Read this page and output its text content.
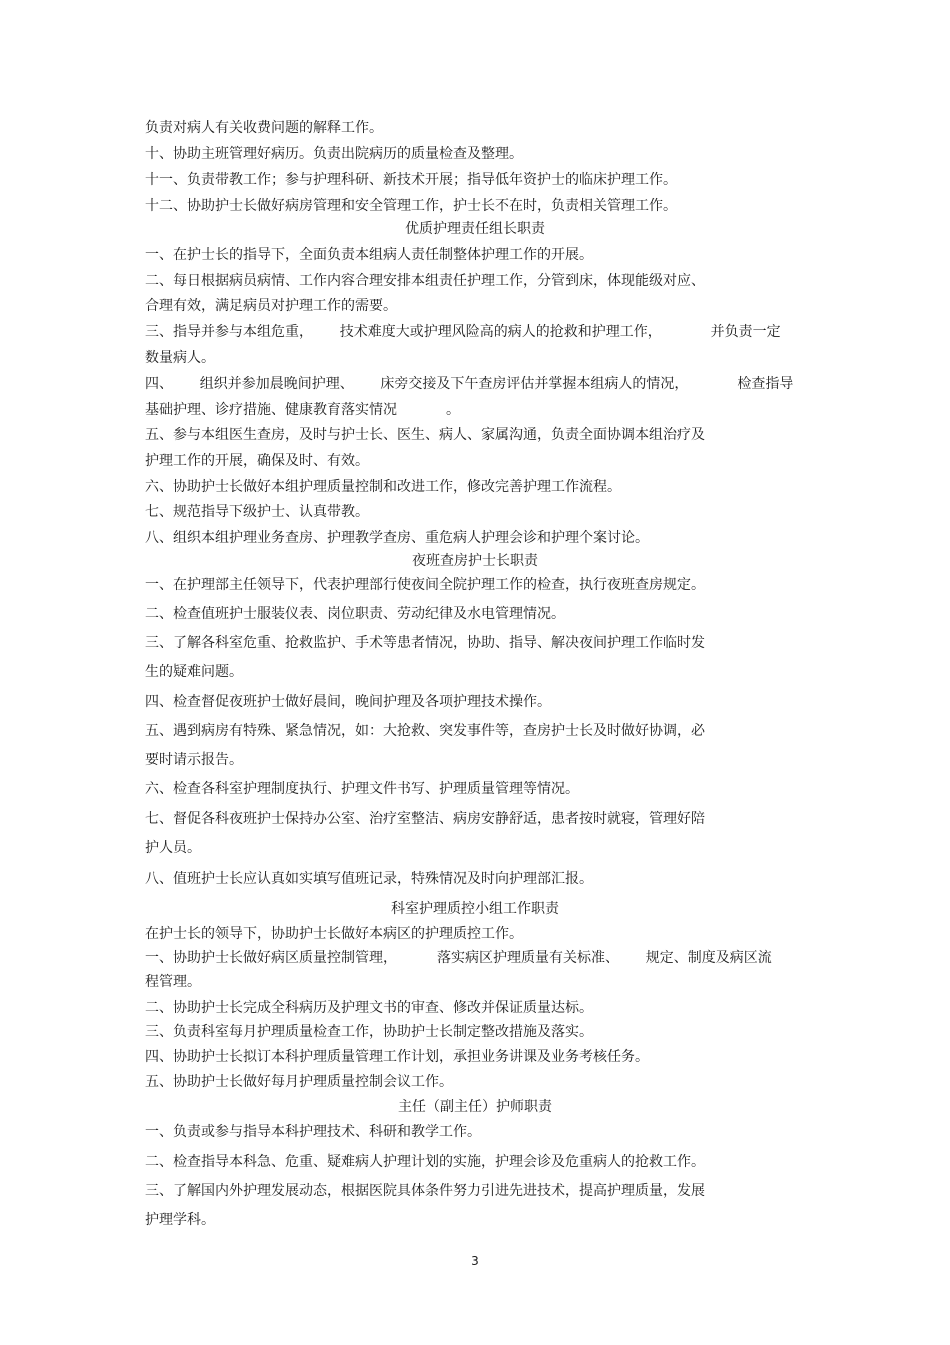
负责对病人有关收费问题的解释工作。
十、协助主班管理好病历。负责出院病历的质量检查及整理。
十一、负责带教工作；参与护理科研、新技术开展；指导低年资护士的临床护理工作。
十二、协助护士长做好病房管理和安全管理工作，护士长不在时，负责相关管理工作。
优质护理责任组长职责
一、在护士长的指导下，全面负责本组病人责任制整体护理工作的开展。
二、每日根据病员病情、工作内容合理安排本组责任护理工作，分管到床，体现能级对应、
合理有效，满足病员对护理工作的需要。
三、指导并参与本组危重，      技术难度大或护理风险高的病人的抢救和护理工作，           并负责一定
数量病人。
四、      组织并参加晨晚间护理、      床旁交接及下午查房评估并掌握本组病人的情况，           检查指导
基础护理、诊疗措施、健康教育落实情况           。
五、参与本组医生查房，及时与护士长、医生、病人、家属沟通，负责全面协调本组治疗及
护理工作的开展，确保及时、有效。
六、协助护士长做好本组护理质量控制和改进工作，修改完善护理工作流程。
七、规范指导下级护士、认真带教。
八、组织本组护理业务查房、护理教学查房、重危病人护理会诊和护理个案讨论。
夜班查房护士长职责
一、在护理部主任领导下，代表护理部行使夜间全院护理工作的检查，执行夜班查房规定。
二、检查值班护士服装仪表、岗位职责、劳动纪律及水电管理情况。
三、了解各科室危重、抢救监护、手术等患者情况，协助、指导、解决夜间护理工作临时发
生的疑难问题。
四、检查督促夜班护士做好晨间，晚间护理及各项护理技术操作。
五、遇到病房有特殊、紧急情况，如：大抢救、突发事件等，查房护士长及时做好协调，必
要时请示报告。
六、检查各科室护理制度执行、护理文件书写、护理质量管理等情况。
七、督促各科夜班护士保持办公室、治疗室整洁、病房安静舒适，患者按时就寝，管理好陪
护人员。
八、值班护士长应认真如实填写值班记录，特殊情况及时向护理部汇报。
科室护理质控小组工作职责
在护士长的领导下，协助护士长做好本病区的护理质控工作。
一、协助护士长做好病区质量控制管理，         落实病区护理质量有关标准、      规定、制度及病区流
程管理。
二、协助护士长完成全科病历及护理文书的审查、修改并保证质量达标。
三、负责科室每月护理质量检查工作，协助护士长制定整改措施及落实。
四、协助护士长拟订本科护理质量管理工作计划，承担业务讲课及业务考核任务。
五、协助护士长做好每月护理质量控制会议工作。
主任（副主任）护师职责
一、负责或参与指导本科护理技术、科研和教学工作。
二、检查指导本科急、危重、疑难病人护理计划的实施，护理会诊及危重病人的抢救工作。
三、了解国内外护理发展动态，根据医院具体条件努力引进先进技术，提高护理质量，发展
护理学科。
3
